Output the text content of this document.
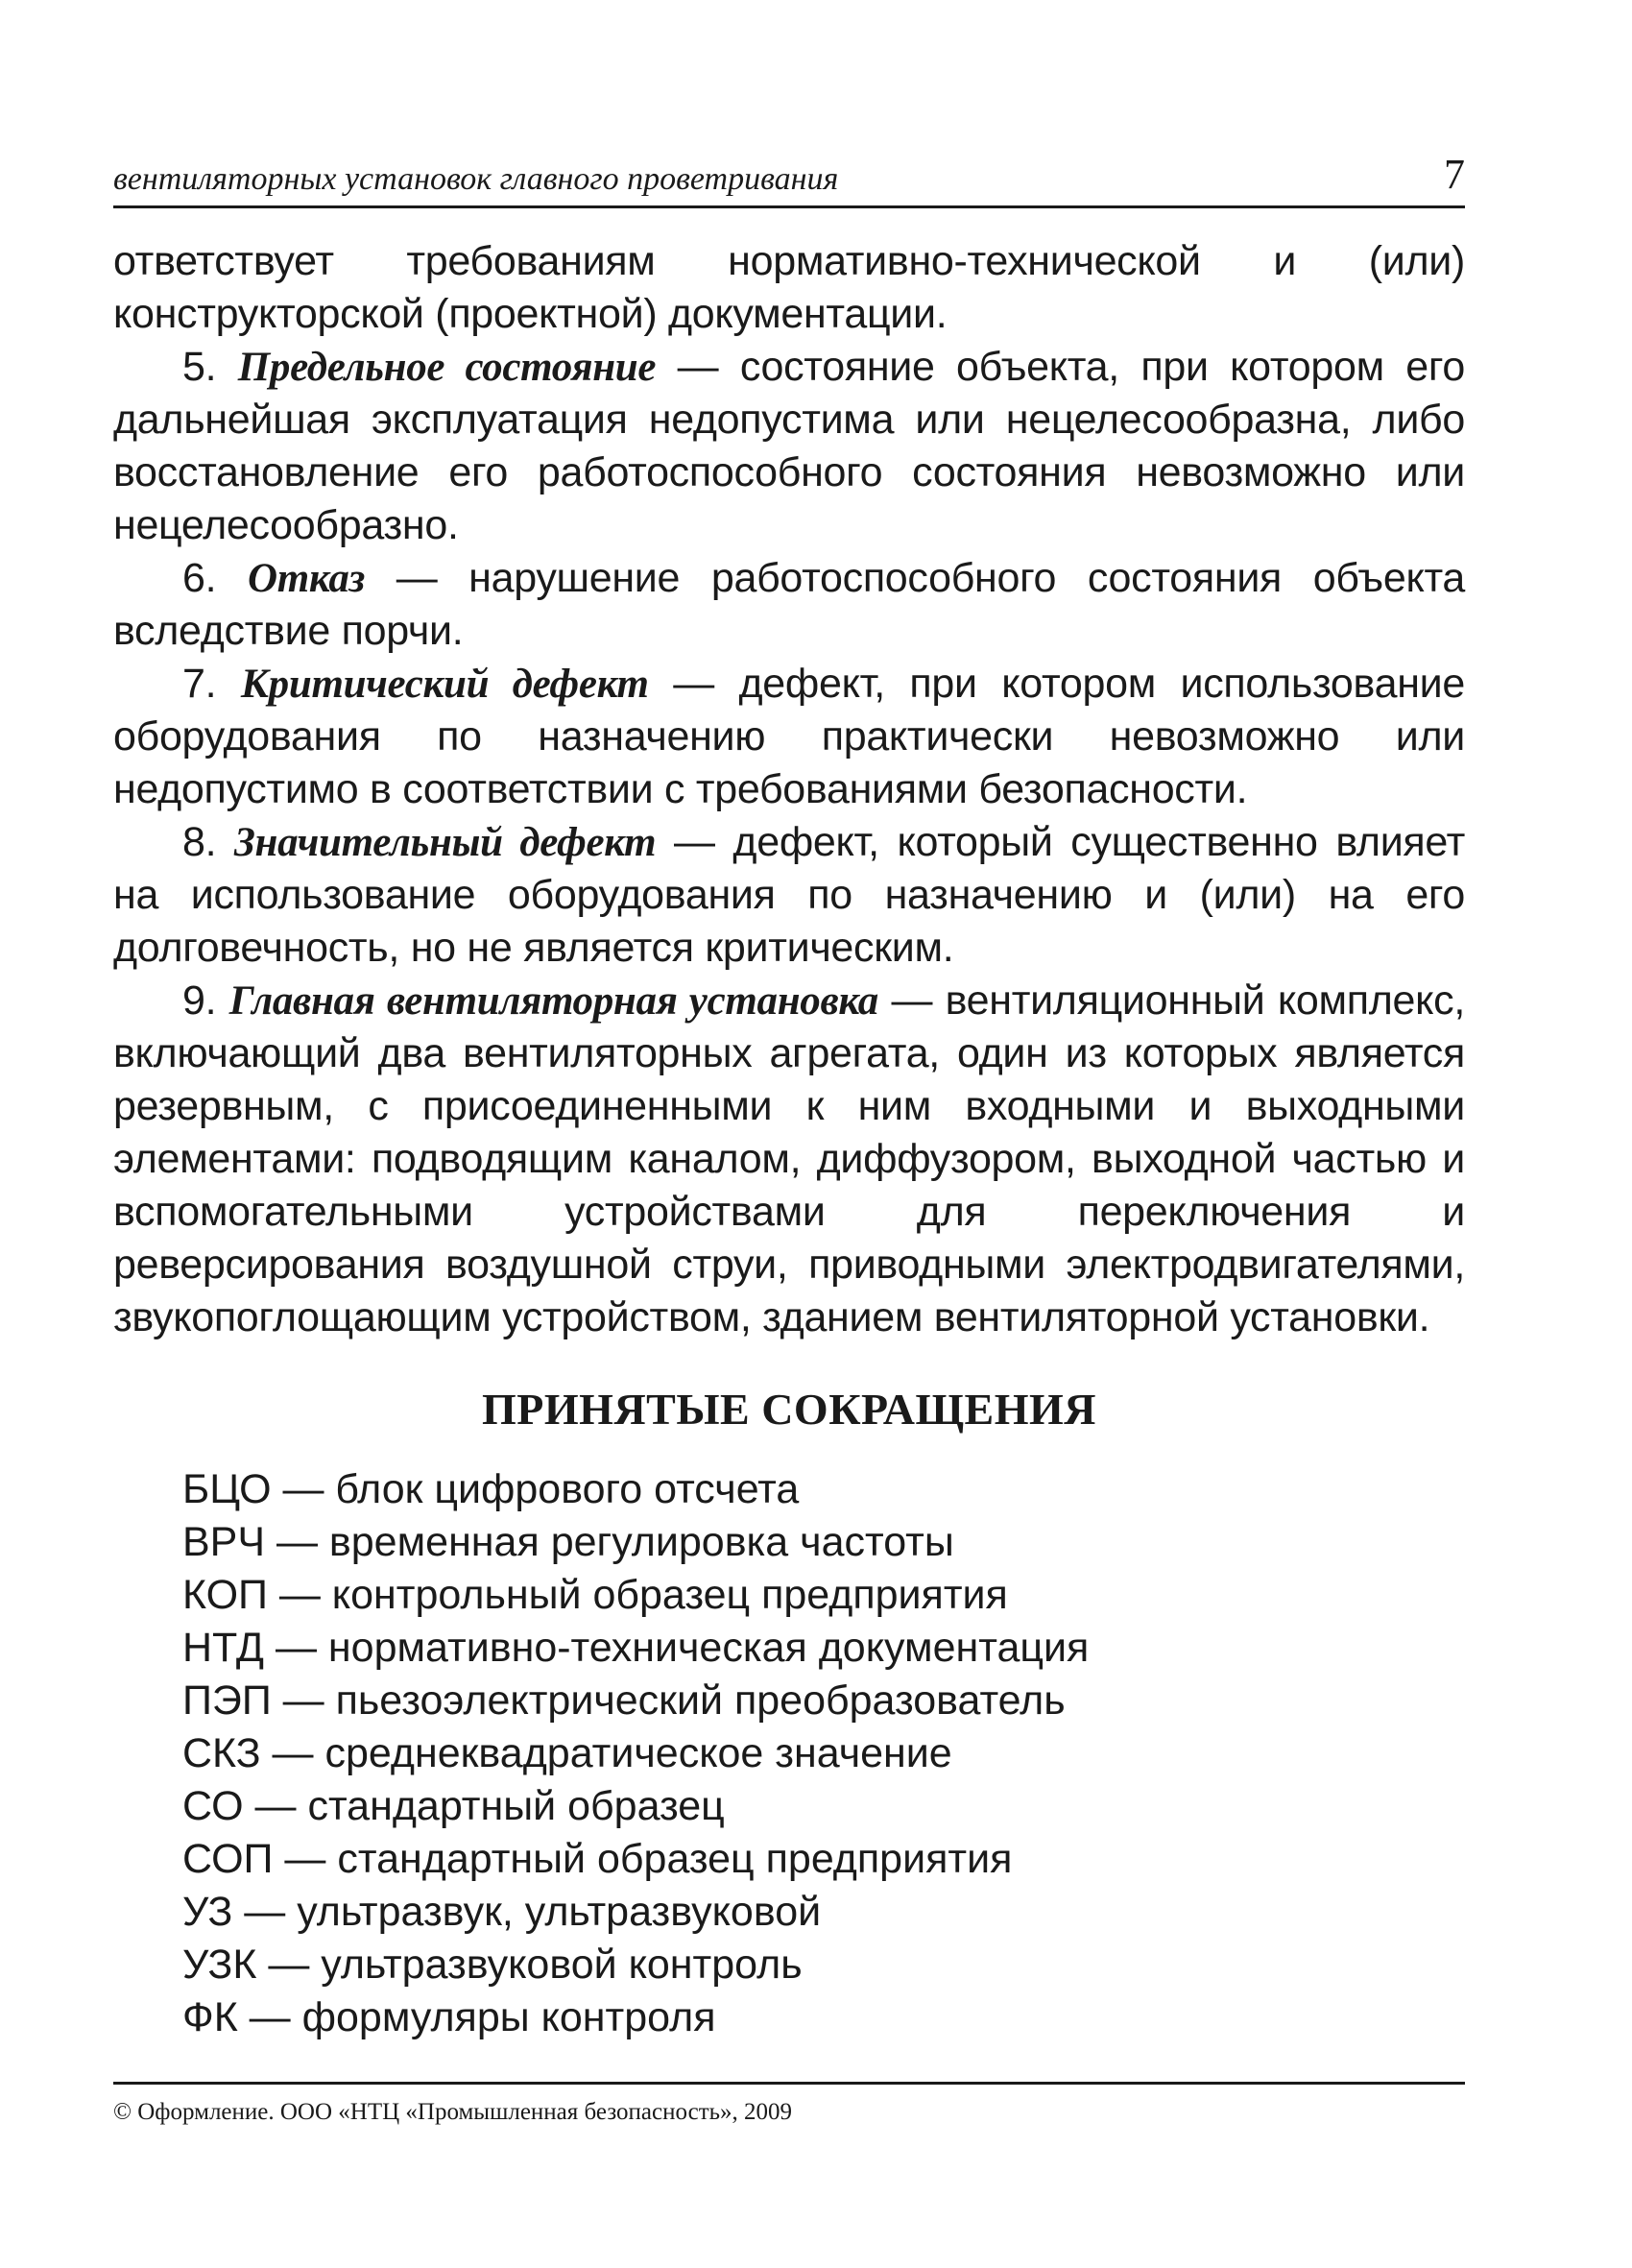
вентиляторных установок главного проветривания	7

ответствует требованиям нормативно-технической и (или) конструкторской (проектной) документации.

5. Предельное состояние — состояние объекта, при котором его дальнейшая эксплуатация недопустима или нецелесообразна, либо восстановление его работоспособного состояния невозможно или нецелесообразно.

6. Отказ — нарушение работоспособного состояния объекта вследствие порчи.

7. Критический дефект — дефект, при котором использование оборудования по назначению практически невозможно или недопустимо в соответствии с требованиями безопасности.

8. Значительный дефект — дефект, который существенно влияет на использование оборудования по назначению и (или) на его долговечность, но не является критическим.

9. Главная вентиляторная установка — вентиляционный комплекс, включающий два вентиляторных агрегата, один из которых является резервным, с присоединенными к ним входными и выходными элементами: подводящим каналом, диффузором, выходной частью и вспомогательными устройствами для переключения и реверсирования воздушной струи, приводными электродвигателями, звукопоглощающим устройством, зданием вентиляторной установки.

ПРИНЯТЫЕ СОКРАЩЕНИЯ
БЦО — блок цифрового отсчета
ВРЧ — временная регулировка частоты
КОП — контрольный образец предприятия
НТД — нормативно-техническая документация
ПЭП — пьезоэлектрический преобразователь
СКЗ — среднеквадратическое значение
СО — стандартный образец
СОП — стандартный образец предприятия
УЗ — ультразвук, ультразвуковой
УЗК — ультразвуковой контроль
ФК — формуляры контроля
© Оформление. ООО «НТЦ «Промышленная безопасность», 2009
